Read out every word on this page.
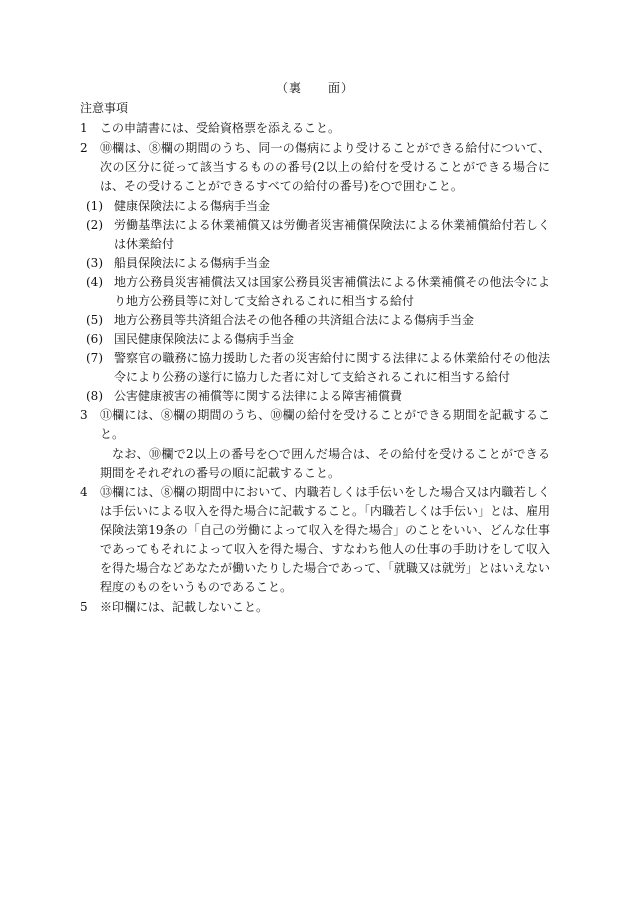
（裏　　面）
注意事項
1	この申請書には、受給資格票を添えること。
2	⑩欄は、⑧欄の期間のうち、同一の傷病により受けることができる給付について、次の区分に従って該当するものの番号(2以上の給付を受けることができる場合には、その受けることができるすべての給付の番号)を○で囲むこと。
(1) 健康保険法による傷病手当金
(2) 労働基準法による休業補償又は労働者災害補償保険法による休業補償給付若しくは休業給付
(3) 船員保険法による傷病手当金
(4) 地方公務員災害補償法又は国家公務員災害補償法による休業補償その他法令により地方公務員等に対して支給されるこれに相当する給付
(5) 地方公務員等共済組合法その他各種の共済組合法による傷病手当金
(6) 国民健康保険法による傷病手当金
(7) 警察官の職務に協力援助した者の災害給付に関する法律による休業給付その他法令により公務の遂行に協力した者に対して支給されるこれに相当する給付
(8) 公害健康被害の補償等に関する法律による障害補償費
3	⑪欄には、⑧欄の期間のうち、⑩欄の給付を受けることができる期間を記載すること。
なお、⑩欄で2以上の番号を○で囲んだ場合は、その給付を受けることができる期間をそれぞれの番号の順に記載すること。
4	⑬欄には、⑧欄の期間中において、内職若しくは手伝いをした場合又は内職若しくは手伝いによる収入を得た場合に記載すること。「内職若しくは手伝い」とは、雇用保険法第19条の「自己の労働によって収入を得た場合」のことをいい、どんな仕事であってもそれによって収入を得た場合、すなわち他人の仕事の手助けをして収入を得た場合などあなたが働いたりした場合であって、「就職又は就労」とはいえない程度のものをいうものであること。
5	※印欄には、記載しないこと。
